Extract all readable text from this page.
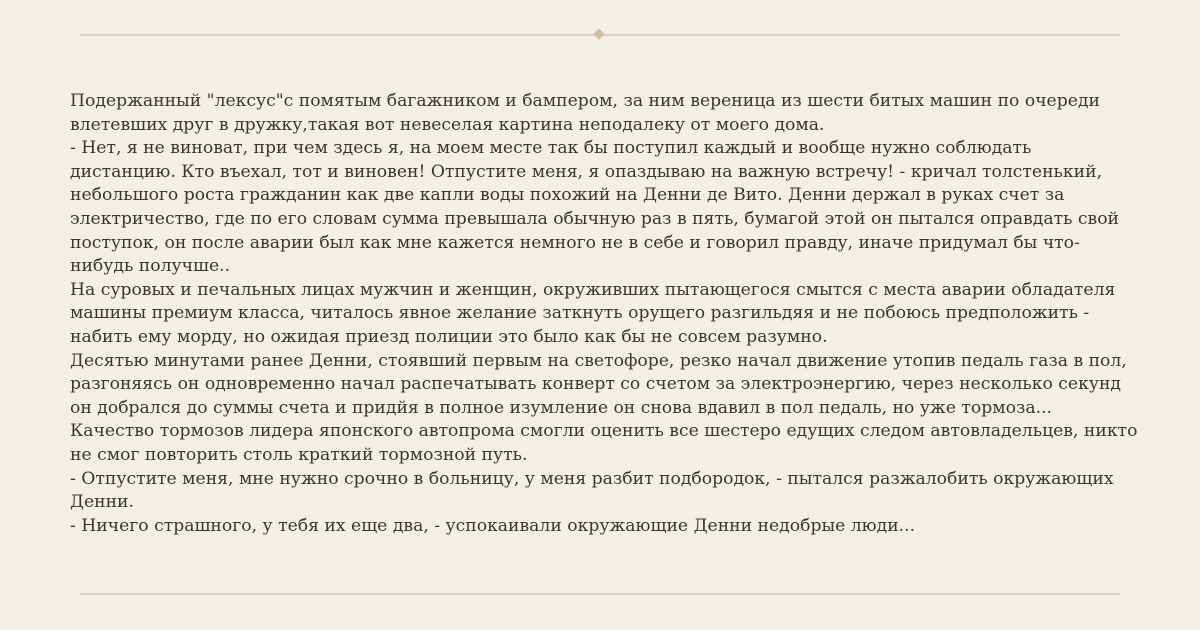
Подержанный "лексус"с помятым багажником и бампером, за ним вереница из шести битых машин по очереди влетевших друг в дружку,такая вот невеселая картина неподалеку от моего дома.

- Нет, я не виноват, при чем здесь я, на моем месте так бы поступил каждый и вообще нужно соблюдать дистанцию. Кто въехал, тот и виновен! Отпустите меня, я опаздываю на важную встречу! - кричал толстенький, небольшого роста гражданин как две капли воды похожий на Денни де Вито. Денни держал в руках счет за электричество, где по его словам сумма превышала обычную раз в пять, бумагой этой он пытался оправдать свой поступок, он после аварии был как мне кажется немного не в себе и говорил правду, иначе придумал бы что-нибудь получше..

На суровых и печальных лицах мужчин и женщин, окруживших пытающегося смытся с места аварии обладателя машины премиум класса, читалось явное желание заткнуть орущего разгильдяя и не побоюсь предположить - набить ему морду, но ожидая приезд полиции это было как бы не совсем разумно.

Десятью минутами ранее Денни, стоявший первым на светофоре, резко начал движение утопив педаль газа в пол, разгоняясь он одновременно начал распечатывать конверт со счетом за электроэнергию, через несколько секунд он добрался до суммы счета и придйя в полное изумление он снова вдавил в пол педаль, но уже тормоза...

Качество тормозов лидера японского автопрома смогли оценить все шестеро едущих следом автовладельцев, никто не смог повторить столь краткий тормозной путь.

- Отпустите меня, мне нужно срочно в больницу, у меня разбит подбородок, - пытался разжалобить окружающих Денни.

- Ничего страшного, у тебя их еще два, - успокаивали окружающие Денни недобрые люди...
